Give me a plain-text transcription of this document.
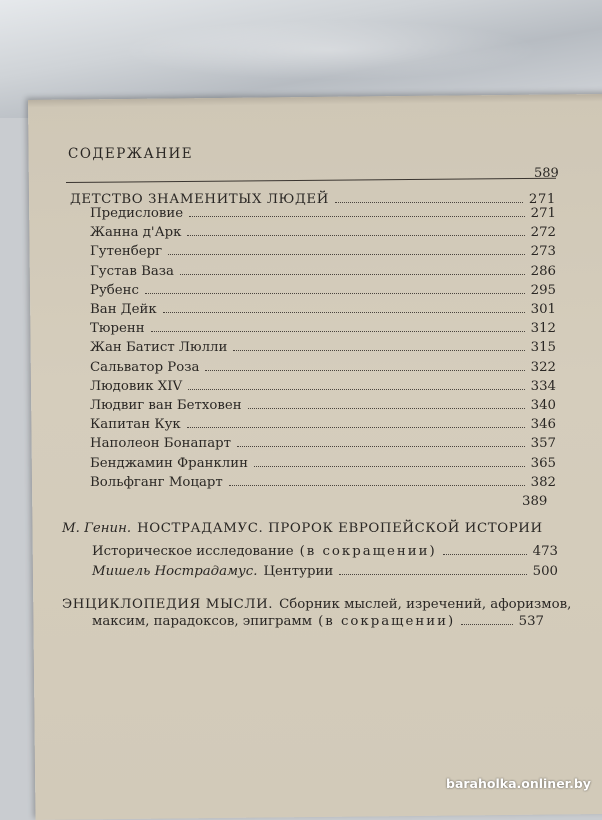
СОДЕРЖАНИЕ
589
ДЕТСТВО ЗНАМЕНИТЫХ ЛЮДЕЙ	271
Предисловие	271
Жанна д'Арк	272
Гутенберг	273
Густав Ваза	286
Рубенс	295
Ван Дейк	301
Тюренн	312
Жан Батист Люлли	315
Сальватор Роза	322
Людовик XIV	334
Людвиг ван Бетховен	340
Капитан Кук	346
Наполеон Бонапарт	357
Бенджамин Франклин	365
Вольфганг Моцарт	382
389
М. Генин. НОСТРАДАМУС. ПРОРОК ЕВРОПЕЙСКОЙ ИСТОРИИ
Историческое исследование (в сокращении)	473
Мишель Нострадамус. Центурии	500
ЭНЦИКЛОПЕДИЯ МЫСЛИ. Сборник мыслей, изречений, афоризмов,
максим, парадоксов, эпиграмм (в сокращении)	537
baraholka.onliner.by
